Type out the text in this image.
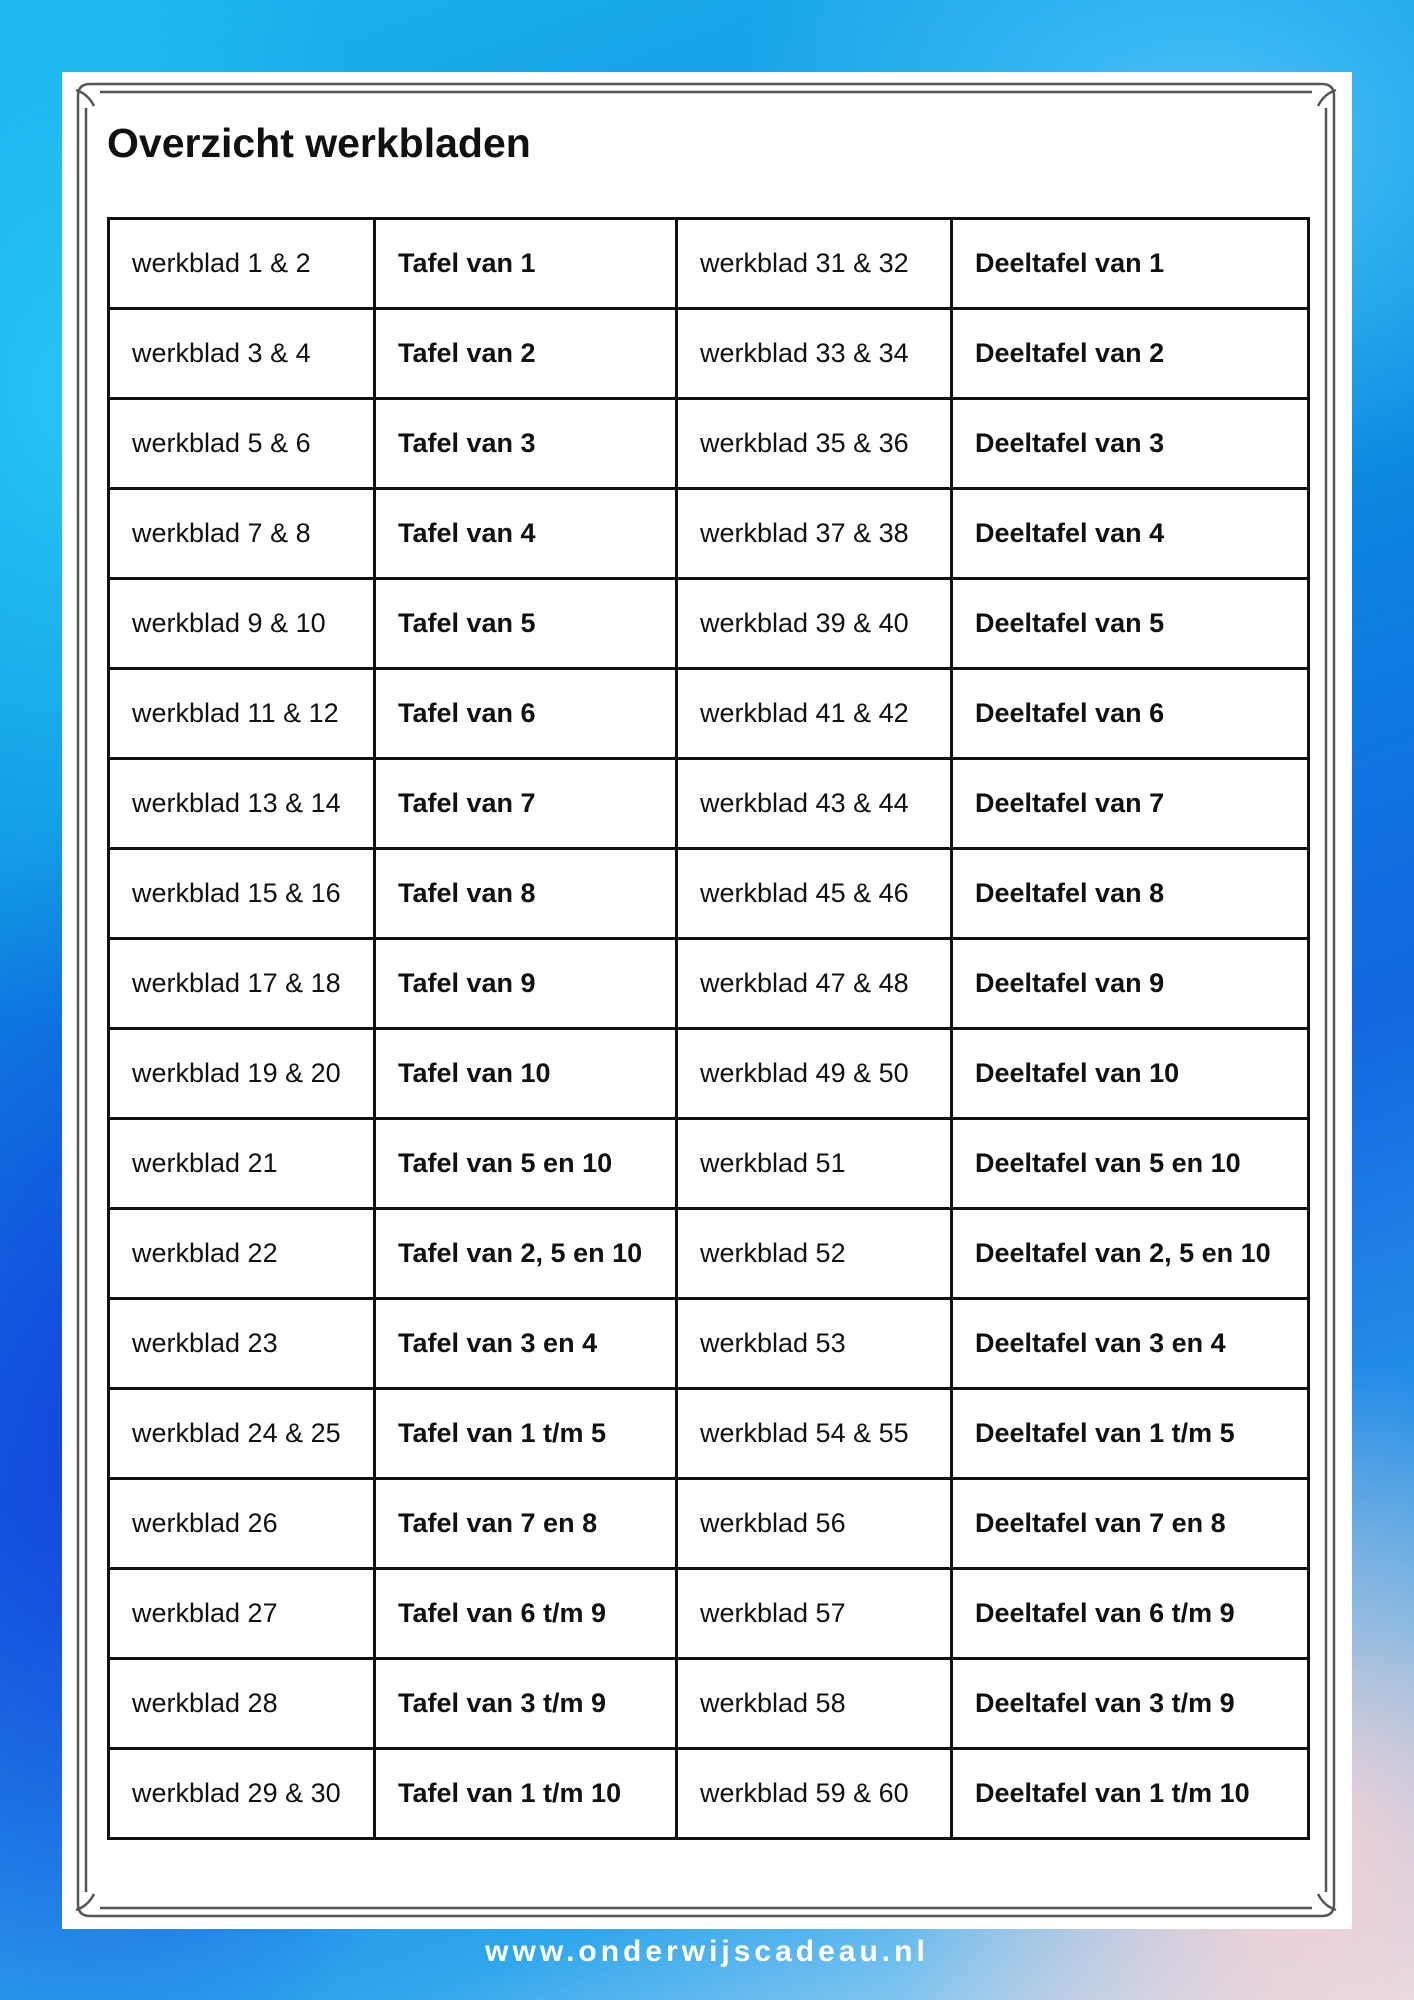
Overzicht werkbladen
werkblad 1 & 2	Tafel van 1	werkblad 31 & 32	Deeltafel van 1
werkblad 3 & 4	Tafel van 2	werkblad 33 & 34	Deeltafel van 2
werkblad 5 & 6	Tafel van 3	werkblad 35 & 36	Deeltafel van 3
werkblad 7 & 8	Tafel van 4	werkblad 37 & 38	Deeltafel van 4
werkblad 9 & 10	Tafel van 5	werkblad 39 & 40	Deeltafel van 5
werkblad 11 & 12	Tafel van 6	werkblad 41 & 42	Deeltafel van 6
werkblad 13 & 14	Tafel van 7	werkblad 43 & 44	Deeltafel van 7
werkblad 15 & 16	Tafel van 8	werkblad 45 & 46	Deeltafel van 8
werkblad 17 & 18	Tafel van 9	werkblad 47 & 48	Deeltafel van 9
werkblad 19 & 20	Tafel van 10	werkblad 49 & 50	Deeltafel van 10
werkblad 21	Tafel van 5 en 10	werkblad 51	Deeltafel van 5 en 10
werkblad 22	Tafel van 2, 5 en 10	werkblad 52	Deeltafel van 2, 5 en 10
werkblad 23	Tafel van 3 en 4	werkblad 53	Deeltafel van 3 en 4
werkblad 24 & 25	Tafel van 1 t/m 5	werkblad 54 & 55	Deeltafel van 1 t/m 5
werkblad 26	Tafel van 7 en 8	werkblad 56	Deeltafel van 7 en 8
werkblad 27	Tafel van 6 t/m 9	werkblad 57	Deeltafel van 6 t/m 9
werkblad 28	Tafel van 3 t/m 9	werkblad 58	Deeltafel van 3 t/m 9
werkblad 29 & 30	Tafel van 1 t/m 10	werkblad 59 & 60	Deeltafel van 1 t/m 10
www.onderwijscadeau.nl
